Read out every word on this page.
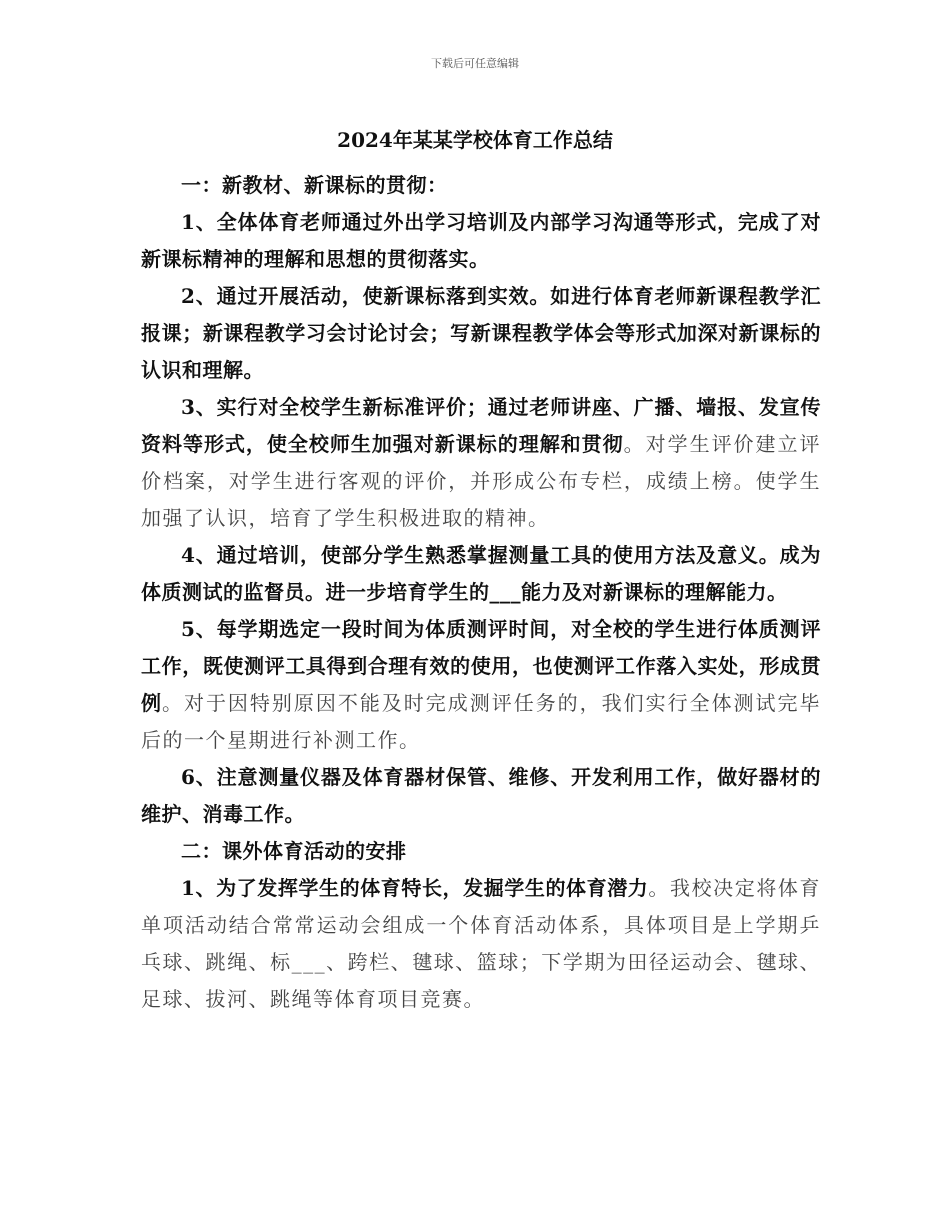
下载后可任意编辑
2024年某某学校体育工作总结

一：新教材、新课标的贯彻：

1、全体体育老师通过外出学习培训及内部学习沟通等形式，完成了对新课标精神的理解和思想的贯彻落实。

2、通过开展活动，使新课标落到实效。如进行体育老师新课程教学汇报课；新课程教学习会讨论讨会；写新课程教学体会等形式加深对新课标的认识和理解。

3、实行对全校学生新标准评价；通过老师讲座、广播、墙报、发宣传资料等形式，使全校师生加强对新课标的理解和贯彻。对学生评价建立评价档案，对学生进行客观的评价，并形成公布专栏，成绩上榜。使学生加强了认识，培育了学生积极进取的精神。

4、通过培训，使部分学生熟悉掌握测量工具的使用方法及意义。成为体质测试的监督员。进一步培育学生的___能力及对新课标的理解能力。

5、每学期选定一段时间为体质测评时间，对全校的学生进行体质测评工作，既使测评工具得到合理有效的使用，也使测评工作落入实处，形成贯例。对于因特别原因不能及时完成测评任务的，我们实行全体测试完毕后的一个星期进行补测工作。

6、注意测量仪器及体育器材保管、维修、开发利用工作，做好器材的维护、消毒工作。

二：课外体育活动的安排

1、为了发挥学生的体育特长，发掘学生的体育潜力。我校决定将体育单项活动结合常常运动会组成一个体育活动体系，具体项目是上学期乒乓球、跳绳、标___、跨栏、毽球、篮球；下学期为田径运动会、毽球、足球、拔河、跳绳等体育项目竞赛。
